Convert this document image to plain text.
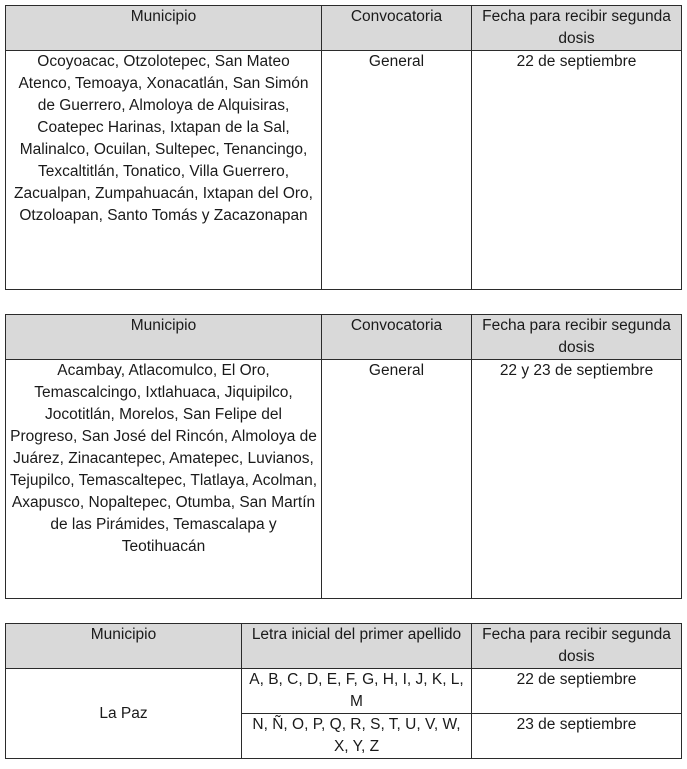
Municipio	Convocatoria	Fecha para recibir segunda dosis
Ocoyoacac, Otzolotepec, San Mateo Atenco, Temoaya, Xonacatlán, San Simón de Guerrero, Almoloya de Alquisiras, Coatepec Harinas, Ixtapan de la Sal, Malinalco, Ocuilan, Sultepec, Tenancingo, Texcaltitlán, Tonatico, Villa Guerrero, Zacualpan, Zumpahuacán, Ixtapan del Oro, Otzoloapan, Santo Tomás y Zacazonapan	General	22 de septiembre
Municipio	Convocatoria	Fecha para recibir segunda dosis
Acambay, Atlacomulco, El Oro, Temascalcingo, Ixtlahuaca, Jiquipilco, Jocotitlán, Morelos, San Felipe del Progreso, San José del Rincón, Almoloya de Juárez, Zinacantepec, Amatepec, Luvianos, Tejupilco, Temascaltepec, Tlatlaya, Acolman, Axapusco, Nopaltepec, Otumba, San Martín de las Pirámides, Temascalapa y Teotihuacán	General	22 y 23 de septiembre
Municipio	Letra inicial del primer apellido	Fecha para recibir segunda dosis
La Paz	A, B, C, D, E, F, G, H, I, J, K, L, M	22 de septiembre
	N, Ñ, O, P, Q, R, S, T, U, V, W, X, Y, Z	23 de septiembre
